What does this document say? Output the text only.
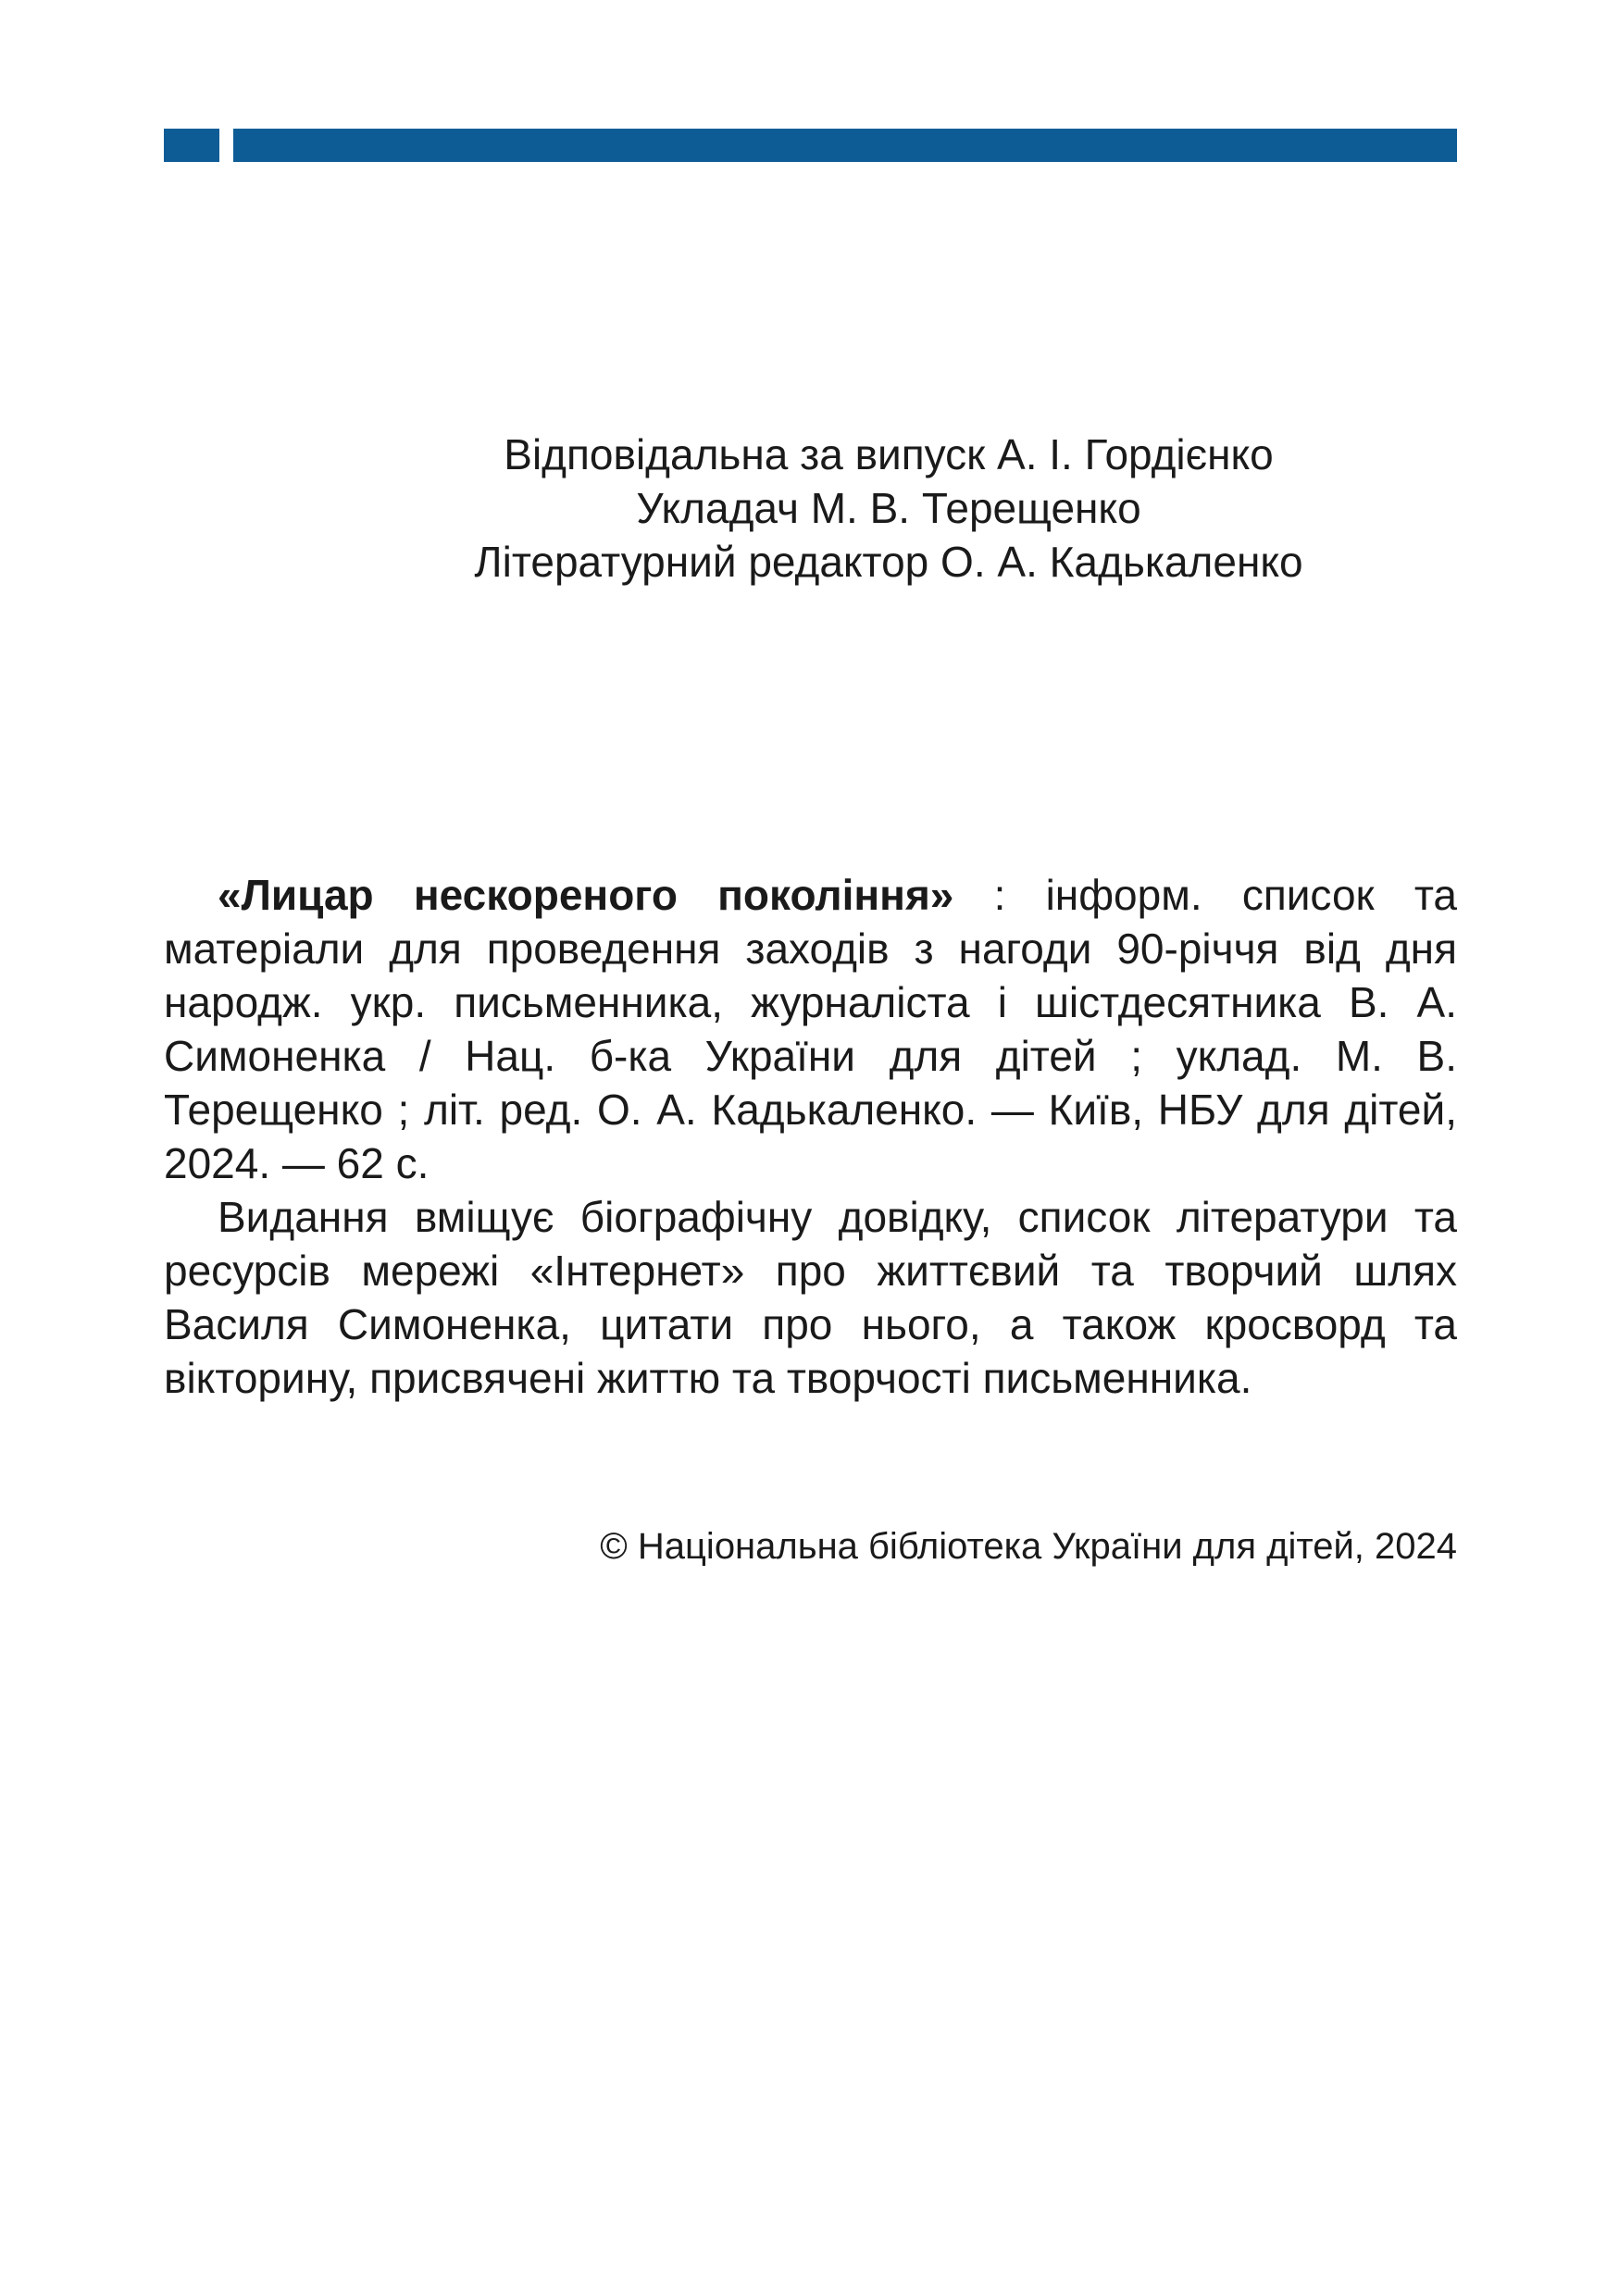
Відповідальна за випуск А. І. Гордієнко
Укладач М. В. Терещенко
Літературний редактор О. А. Кадькаленко

«Лицар нескореного покоління» : інформ. список та матеріали для проведення заходів з нагоди 90-річчя від дня народж. укр. письменника, журналіста і шістдесятника В. А. Симоненка / Нац. б-ка України для дітей ; уклад. М. В. Терещенко ; літ. ред. О. А. Кадькаленко. — Київ, НБУ для дітей, 2024. — 62 с.

Видання вміщує біографічну довідку, список літератури та ресурсів мережі «Інтернет» про життєвий та творчий шлях Василя Симоненка, цитати про нього, а також кросворд та вікторину, присвячені життю та творчості письменника.

© Національна бібліотека України для дітей, 2024
